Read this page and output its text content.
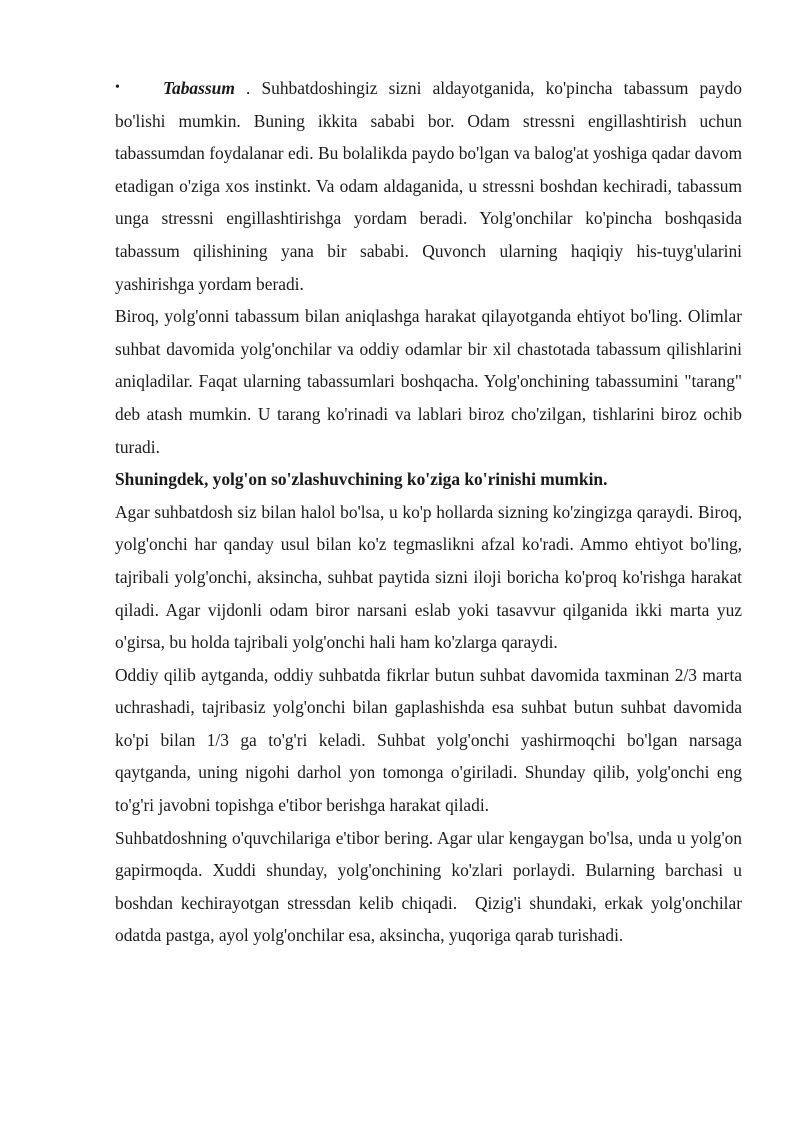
• Tabassum . Suhbatdoshingiz sizni aldayotganida, ko'pincha tabassum paydo bo'lishi mumkin. Buning ikkita sababi bor. Odam stressni engillashtirish uchun tabassumdan foydalanar edi. Bu bolalikda paydo bo'lgan va balog'at yoshiga qadar davom etadigan o'ziga xos instinkt. Va odam aldaganida, u stressni boshdan kechiradi, tabassum unga stressni engillashtirishga yordam beradi. Yolg'onchilar ko'pincha boshqasida tabassum qilishining yana bir sababi. Quvonch ularning haqiqiy his-tuyg'ularini yashirishga yordam beradi.

Biroq, yolg'onni tabassum bilan aniqlashga harakat qilayotganda ehtiyot bo'ling. Olimlar suhbat davomida yolg'onchilar va oddiy odamlar bir xil chastotada tabassum qilishlarini aniqladilar. Faqat ularning tabassumlari boshqacha. Yolg'onchining tabassumini "tarang" deb atash mumkin. U tarang ko'rinadi va lablari biroz cho'zilgan, tishlarini biroz ochib turadi.

Shuningdek, yolg'on so'zlashuvchining ko'ziga ko'rinishi mumkin.

Agar suhbatdosh siz bilan halol bo'lsa, u ko'p hollarda sizning ko'zingizga qaraydi. Biroq, yolg'onchi har qanday usul bilan ko'z tegmaslikni afzal ko'radi. Ammo ehtiyot bo'ling, tajribali yolg'onchi, aksincha, suhbat paytida sizni iloji boricha ko'proq ko'rishga harakat qiladi. Agar vijdonli odam biror narsani eslab yoki tasavvur qilganida ikki marta yuz o'girsa, bu holda tajribali yolg'onchi hali ham ko'zlarga qaraydi.

Oddiy qilib aytganda, oddiy suhbatda fikrlar butun suhbat davomida taxminan 2/3 marta uchrashadi, tajribasiz yolg'onchi bilan gaplashishda esa suhbat butun suhbat davomida ko'pi bilan 1/3 ga to'g'ri keladi. Suhbat yolg'onchi yashirmoqchi bo'lgan narsaga qaytganda, uning nigohi darhol yon tomonga o'giriladi. Shunday qilib, yolg'onchi eng to'g'ri javobni topishga e'tibor berishga harakat qiladi.

Suhbatdoshning o'quvchilariga e'tibor bering. Agar ular kengaygan bo'lsa, unda u yolg'on gapirmoqda. Xuddi shunday, yolg'onchining ko'zlari porlaydi. Bularning barchasi u boshdan kechirayotgan stressdan kelib chiqadi. Qizig'i shundaki, erkak yolg'onchilar odatda pastga, ayol yolg'onchilar esa, aksincha, yuqoriga qarab turishadi.
